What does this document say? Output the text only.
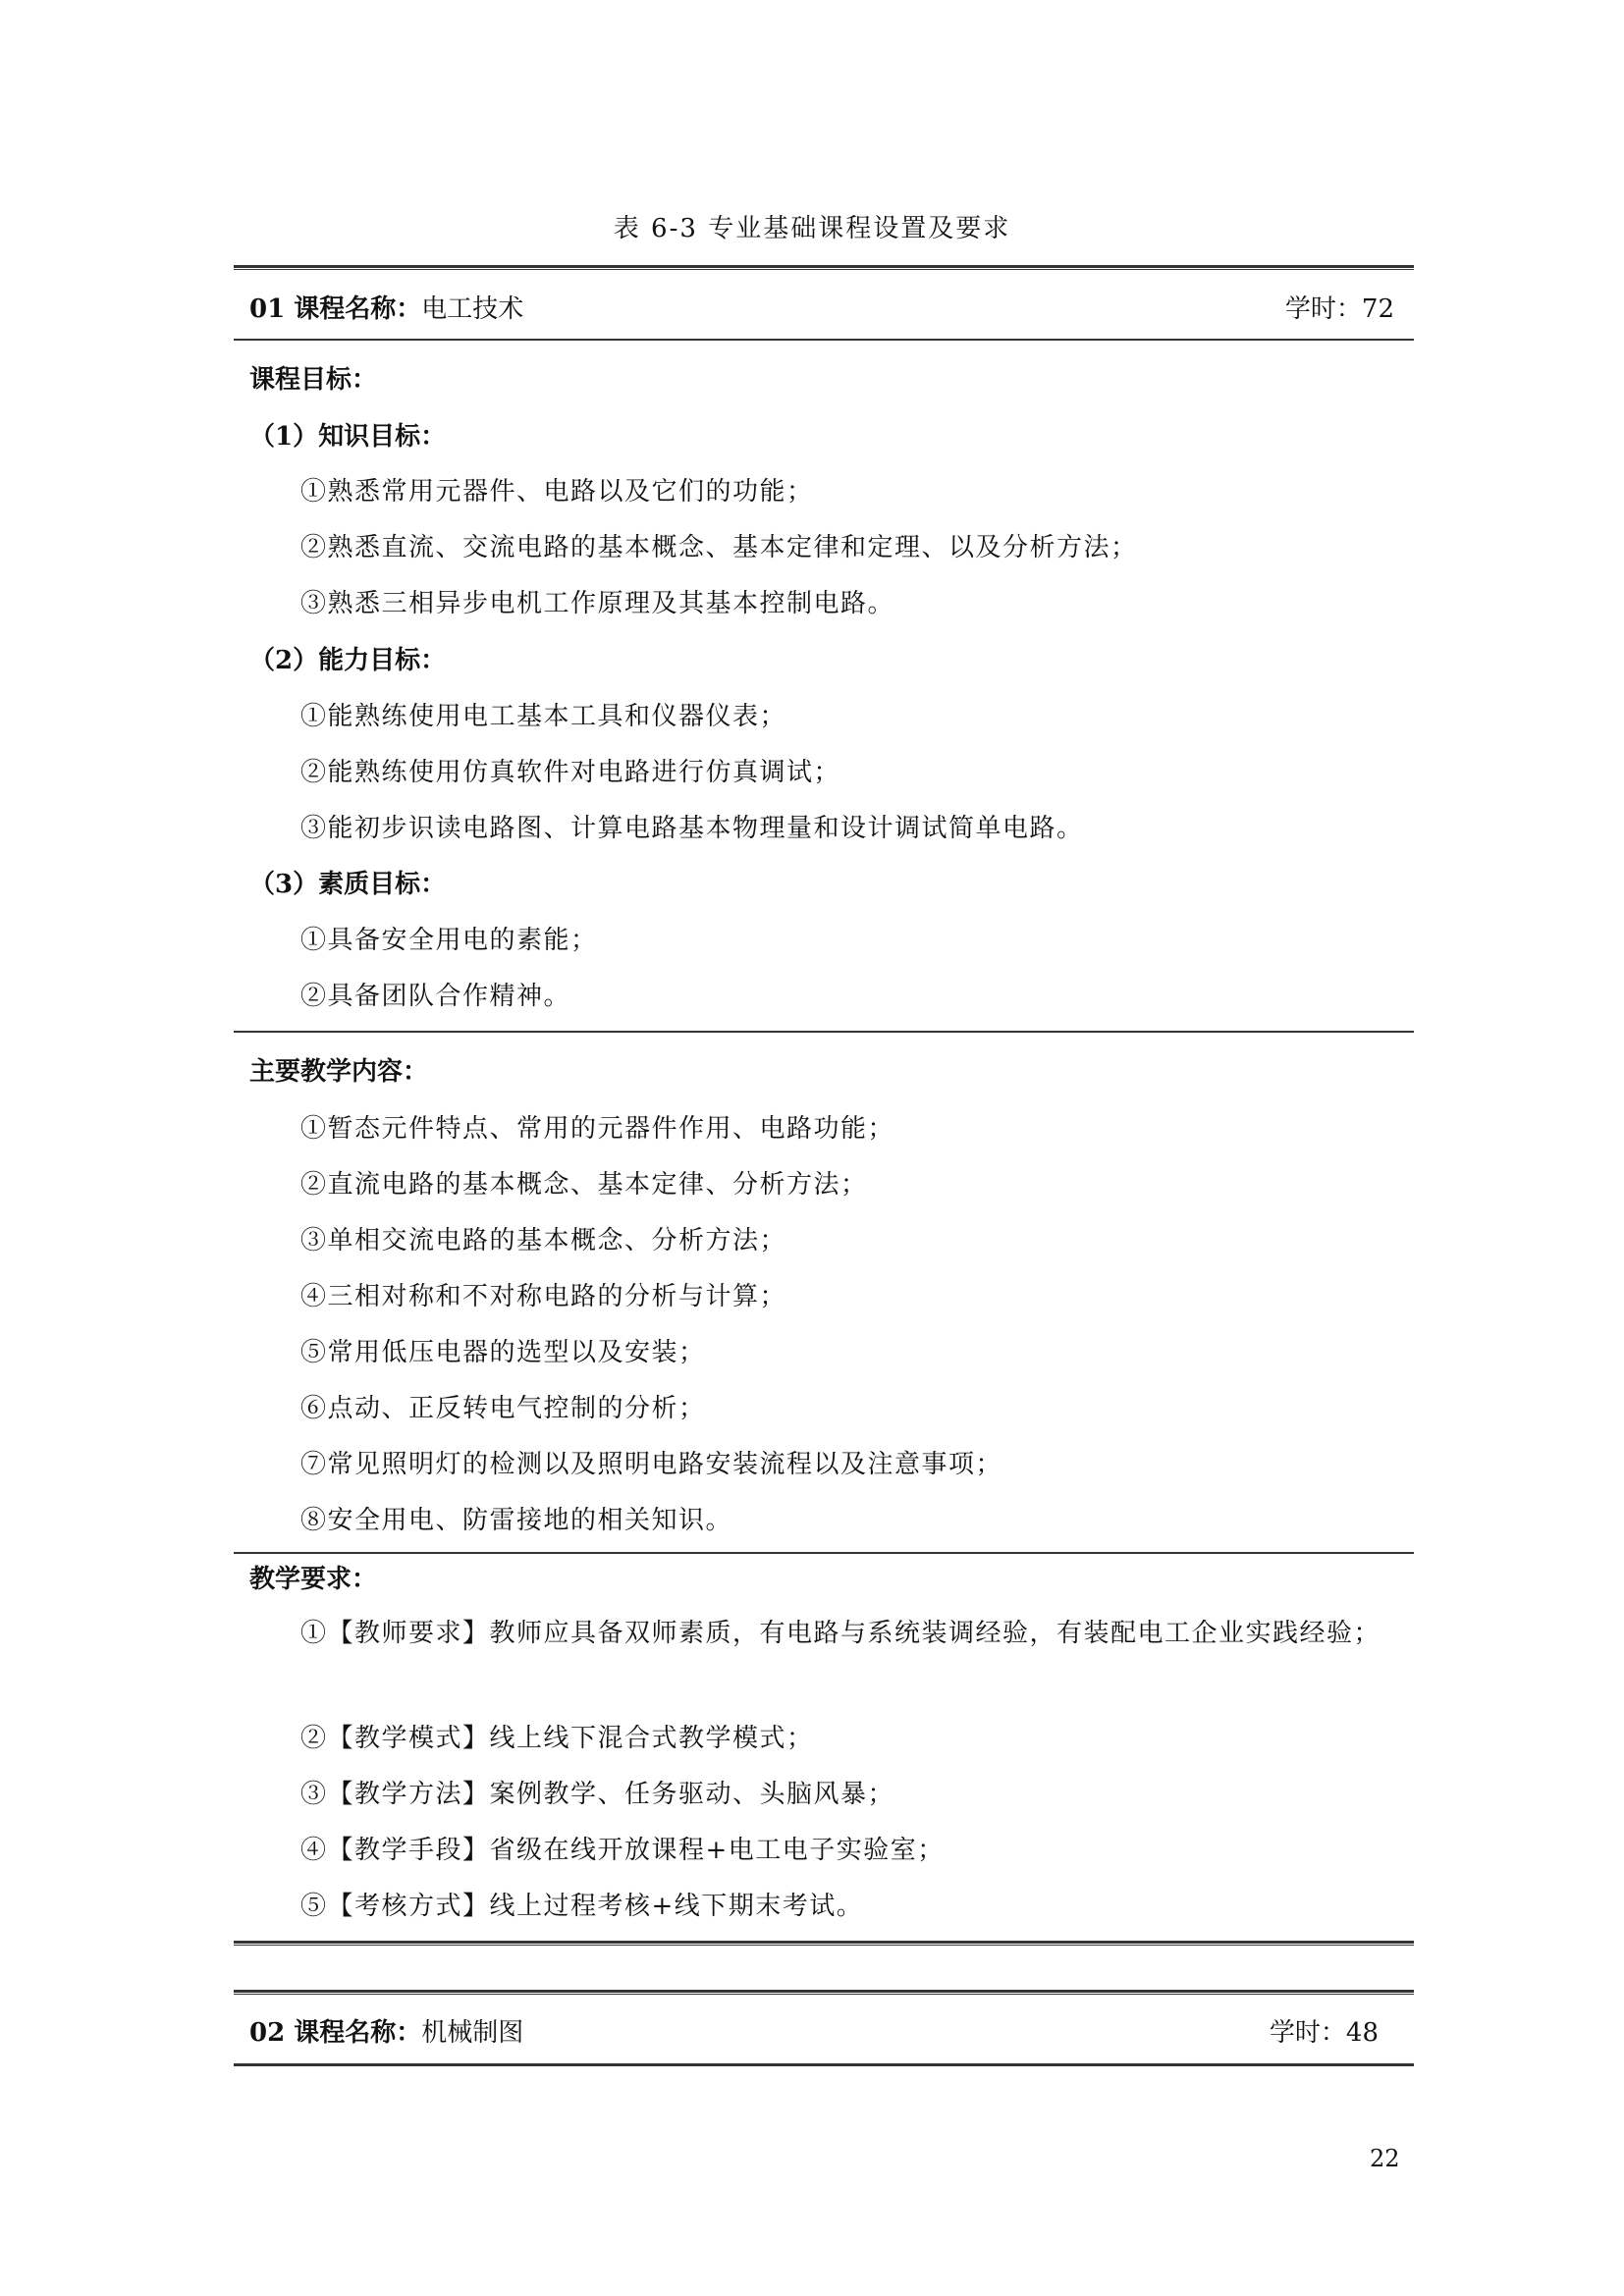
表 6-3 专业基础课程设置及要求
01 课程名称：电工技术	学时：72
课程目标：
（1）知识目标：
①熟悉常用元器件、电路以及它们的功能；
②熟悉直流、交流电路的基本概念、基本定律和定理、以及分析方法；
③熟悉三相异步电机工作原理及其基本控制电路。
（2）能力目标：
①能熟练使用电工基本工具和仪器仪表；
②能熟练使用仿真软件对电路进行仿真调试；
③能初步识读电路图、计算电路基本物理量和设计调试简单电路。
（3）素质目标：
①具备安全用电的素能；
②具备团队合作精神。
主要教学内容：
①暂态元件特点、常用的元器件作用、电路功能；
②直流电路的基本概念、基本定律、分析方法；
③单相交流电路的基本概念、分析方法；
④三相对称和不对称电路的分析与计算；
⑤常用低压电器的选型以及安装；
⑥点动、正反转电气控制的分析；
⑦常见照明灯的检测以及照明电路安装流程以及注意事项；
⑧安全用电、防雷接地的相关知识。
教学要求：
①【教师要求】教师应具备双师素质，有电路与系统装调经验，有装配电工企业实践经验；
②【教学模式】线上线下混合式教学模式；
③【教学方法】案例教学、任务驱动、头脑风暴；
④【教学手段】省级在线开放课程+电工电子实验室；
⑤【考核方式】线上过程考核+线下期末考试。
02 课程名称：机械制图	学时：48
22
